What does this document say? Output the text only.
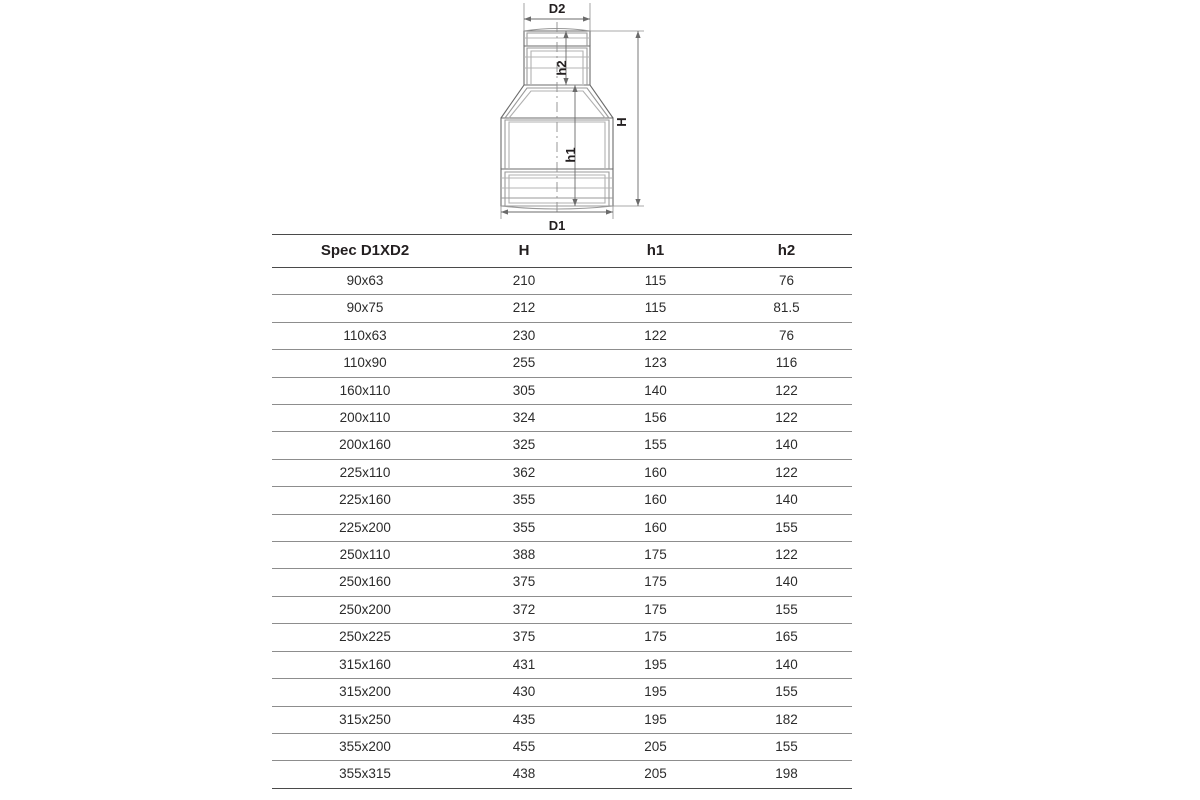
D2
D1
H
h1
h2
Spec D1XD2	H	h1	h2
90x63	210	115	76
90x75	212	115	81.5
110x63	230	122	76
110x90	255	123	116
160x110	305	140	122
200x110	324	156	122
200x160	325	155	140
225x110	362	160	122
225x160	355	160	140
225x200	355	160	155
250x110	388	175	122
250x160	375	175	140
250x200	372	175	155
250x225	375	175	165
315x160	431	195	140
315x200	430	195	155
315x250	435	195	182
355x200	455	205	155
355x315	438	205	198
